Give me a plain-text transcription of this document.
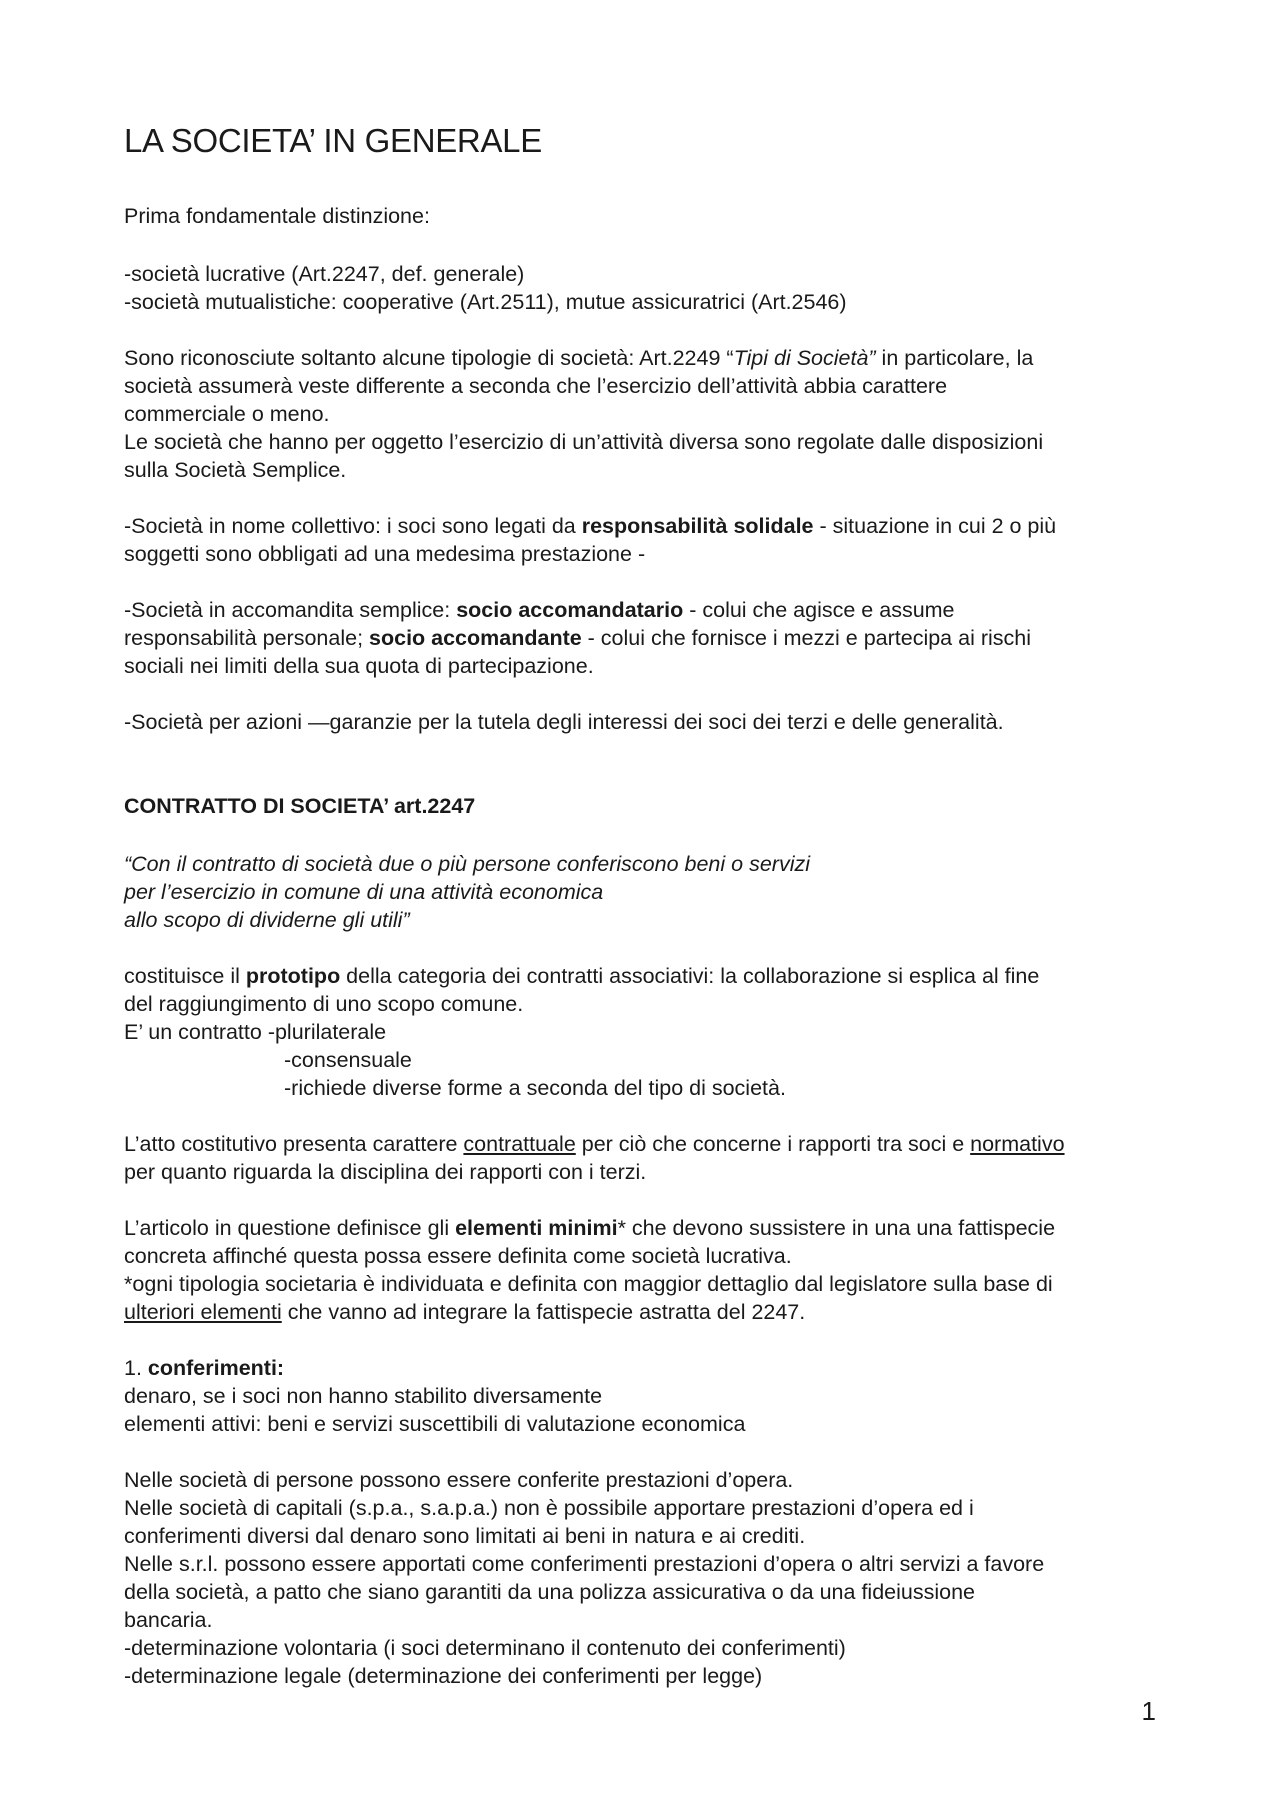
LA SOCIETA’ IN GENERALE

Prima fondamentale distinzione:

-società lucrative (Art.2247, def. generale)

-società mutualistiche: cooperative (Art.2511), mutue assicuratrici (Art.2546)

Sono riconosciute soltanto alcune tipologie di società: Art.2249 “Tipi di Società” in particolare, la

società assumerà veste differente a seconda che l’esercizio dell’attività abbia carattere

commerciale o meno.

Le società che hanno per oggetto l’esercizio di un’attività diversa sono regolate dalle disposizioni

sulla Società Semplice.

-Società in nome collettivo: i soci sono legati da responsabilità solidale - situazione in cui 2 o più

soggetti sono obbligati ad una medesima prestazione -

-Società in accomandita semplice: socio accomandatario - colui che agisce e assume

responsabilità personale; socio accomandante - colui che fornisce i mezzi e partecipa ai rischi

sociali nei limiti della sua quota di partecipazione.

-Società per azioni —garanzie per la tutela degli interessi dei soci dei terzi e delle generalità.

CONTRATTO DI SOCIETA’ art.2247

“Con il contratto di società due o più persone conferiscono beni o servizi

per l’esercizio in comune di una attività economica

allo scopo di dividerne gli utili”

costituisce il prototipo della categoria dei contratti associativi: la collaborazione si esplica al fine

del raggiungimento di uno scopo comune.

E’ un contratto -plurilaterale

-consensuale

-richiede diverse forme a seconda del tipo di società.

L’atto costitutivo presenta carattere contrattuale per ciò che concerne i rapporti tra soci e normativo

per quanto riguarda la disciplina dei rapporti con i terzi.

L’articolo in questione definisce gli elementi minimi* che devono sussistere in una una fattispecie

concreta affinché questa possa essere definita come società lucrativa.

*ogni tipologia societaria è individuata e definita con maggior dettaglio dal legislatore sulla base di

ulteriori elementi che vanno ad integrare la fattispecie astratta del 2247.

1. conferimenti:

denaro, se i soci non hanno stabilito diversamente

elementi attivi: beni e servizi suscettibili di valutazione economica

Nelle società di persone possono essere conferite prestazioni d’opera.

Nelle società di capitali (s.p.a., s.a.p.a.) non è possibile apportare prestazioni d’opera ed i

conferimenti diversi dal denaro sono limitati ai beni in natura e ai crediti.

Nelle s.r.l. possono essere apportati come conferimenti prestazioni d’opera o altri servizi a favore

della società, a patto che siano garantiti da una polizza assicurativa o da una fideiussione

bancaria.

-determinazione volontaria (i soci determinano il contenuto dei conferimenti)

-determinazione legale (determinazione dei conferimenti per legge)

1
